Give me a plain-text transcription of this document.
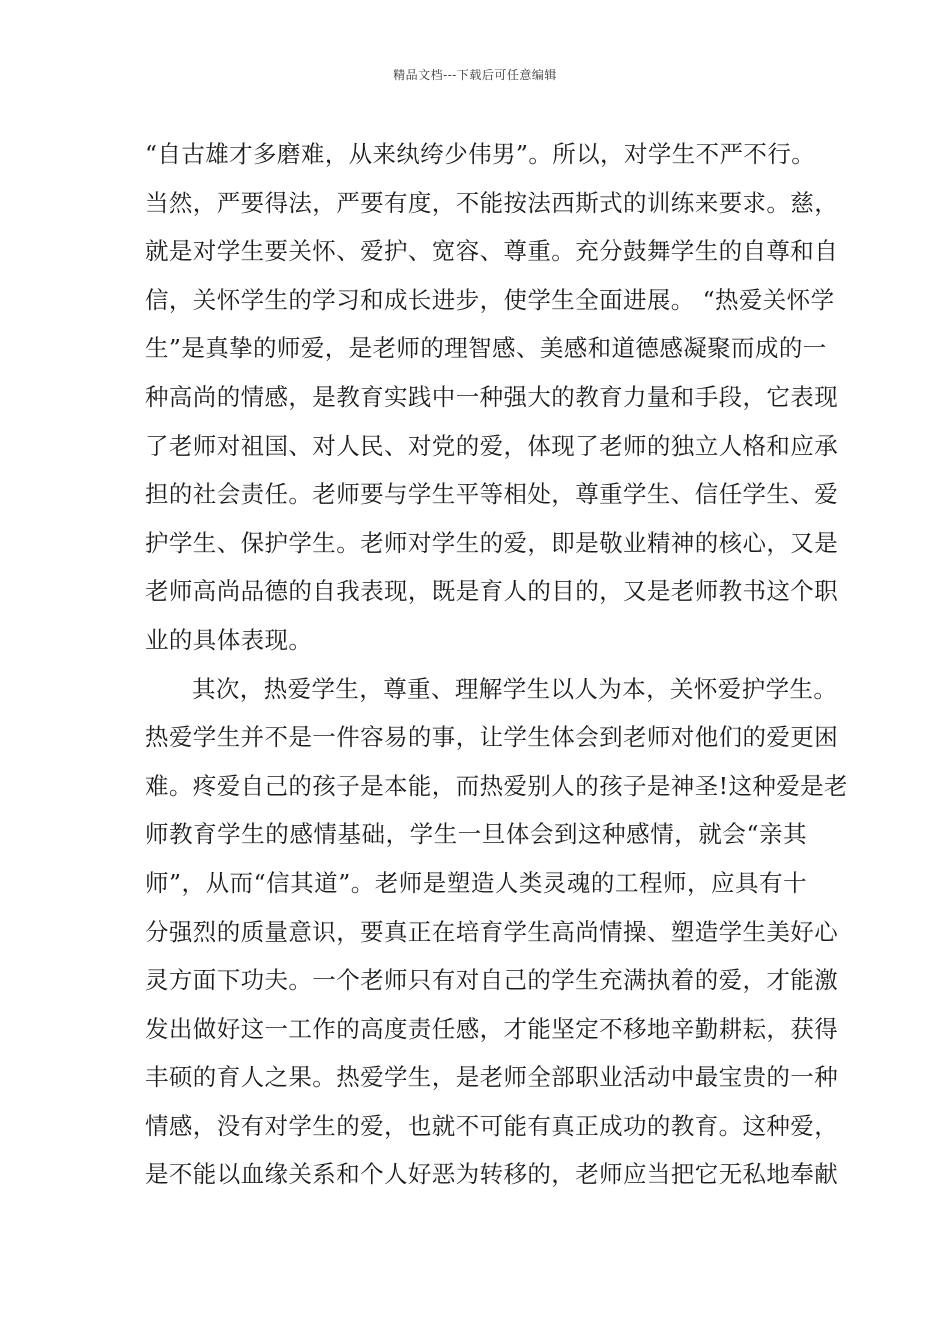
精品文档---下载后可任意编辑
“自古雄才多磨难，从来纨绔少伟男”。所以，对学生不严不行。
当然，严要得法，严要有度，不能按法西斯式的训练来要求。慈，
就是对学生要关怀、爱护、宽容、尊重。充分鼓舞学生的自尊和自
信，关怀学生的学习和成长进步，使学生全面进展。 “热爱关怀学
生”是真挚的师爱，是老师的理智感、美感和道德感凝聚而成的一
种高尚的情感，是教育实践中一种强大的教育力量和手段，它表现
了老师对祖国、对人民、对党的爱，体现了老师的独立人格和应承
担的社会责任。老师要与学生平等相处，尊重学生、信任学生、爱
护学生、保护学生。老师对学生的爱，即是敬业精神的核心，又是
老师高尚品德的自我表现，既是育人的目的，又是老师教书这个职
业的具体表现。
其次，热爱学生，尊重、理解学生以人为本，关怀爱护学生。
热爱学生并不是一件容易的事，让学生体会到老师对他们的爱更困
难。疼爱自己的孩子是本能，而热爱别人的孩子是神圣!这种爱是老
师教育学生的感情基础，学生一旦体会到这种感情，就会“亲其
师”，从而“信其道”。老师是塑造人类灵魂的工程师，应具有十
分强烈的质量意识，要真正在培育学生高尚情操、塑造学生美好心
灵方面下功夫。一个老师只有对自己的学生充满执着的爱，才能激
发出做好这一工作的高度责任感，才能坚定不移地辛勤耕耘，获得
丰硕的育人之果。热爱学生，是老师全部职业活动中最宝贵的一种
情感，没有对学生的爱，也就不可能有真正成功的教育。这种爱，
是不能以血缘关系和个人好恶为转移的，老师应当把它无私地奉献
